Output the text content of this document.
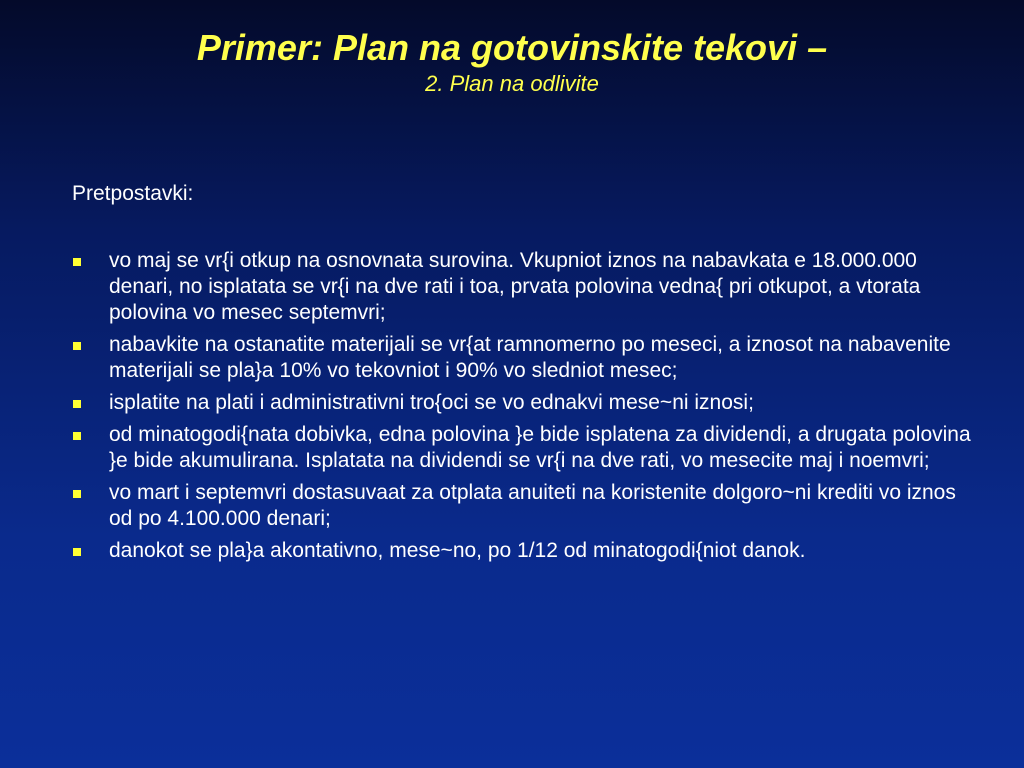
Primer: Plan na gotovinskite tekovi –

2. Plan na odlivite

Pretpostavki:
vo maj se vr{i otkup na osnovnata surovina. Vkupniot iznos na nabavkata e 18.000.000 denari, no isplatata se vr{i na dve rati i toa, prvata polovina vedna{ pri otkupot, a vtorata polovina vo mesec septemvri;
nabavkite na ostanatite materijali se vr{at ramnomerno po meseci, a iznosot na nabavenite materijali se pla}a 10% vo tekovniot i 90% vo sledniot mesec;
isplatite na plati i administrativni tro{oci se vo ednakvi mese~ni iznosi;
od minatogodi{nata dobivka, edna polovina }e bide isplatena za dividendi, a drugata polovina }e bide akumulirana. Isplatata na dividendi se vr{i na dve rati, vo mesecite maj i noemvri;
vo mart i septemvri dostasuvaat za otplata anuiteti na koristenite dolgoro~ni krediti vo iznos od po 4.100.000 denari;
danokot se pla}a akontativno, mese~no, po 1/12 od minatogodi{niot danok.
